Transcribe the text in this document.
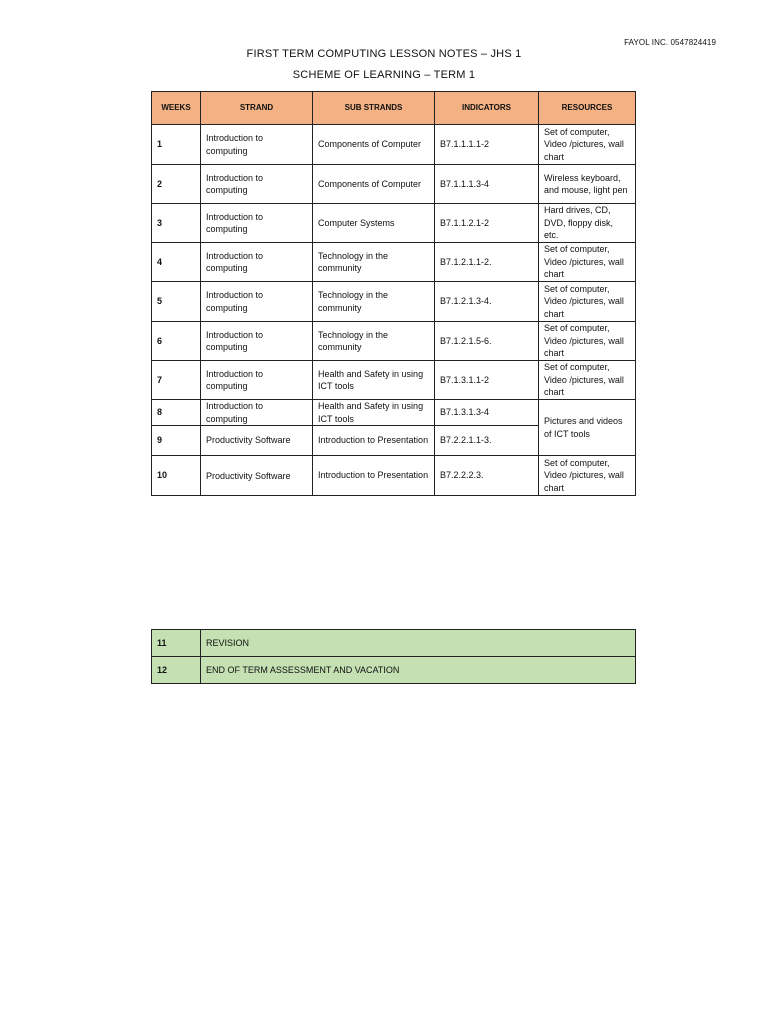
FAYOL INC. 0547824419
FIRST TERM COMPUTING LESSON NOTES – JHS 1
SCHEME OF LEARNING – TERM 1
WEEKS	STRAND	SUB STRANDS	INDICATORS	RESOURCES
1	Introduction to computing	Components of Computer	B7.1.1.1.1-2	Set of computer, Video /pictures, wall chart
2	Introduction to computing	Components of Computer	B7.1.1.1.3-4	Wireless keyboard, and mouse, light pen
3	Introduction to computing	Computer Systems	B7.1.1.2.1-2	Hard drives, CD, DVD, floppy disk, etc.
4	Introduction to computing	Technology in the community	B7.1.2.1.1-2.	Set of computer, Video /pictures, wall chart
5	Introduction to computing	Technology in the community	B7.1.2.1.3-4.	Set of computer, Video /pictures, wall chart
6	Introduction to computing	Technology in the community	B7.1.2.1.5-6.	Set of computer, Video /pictures, wall chart
7	Introduction to computing	Health and Safety in using ICT tools	B7.1.3.1.1-2	Set of computer, Video /pictures, wall chart
8	Introduction to computing	Health and Safety in using ICT tools	B7.1.3.1.3-4	Pictures and videos of ICT tools
9	Productivity Software	Introduction to Presentation	B7.2.2.1.1-3.	
10	Productivity Software	Introduction to Presentation	B7.2.2.2.3.	Set of computer, Video /pictures, wall chart
11	REVISION
12	END OF TERM ASSESSMENT AND VACATION
